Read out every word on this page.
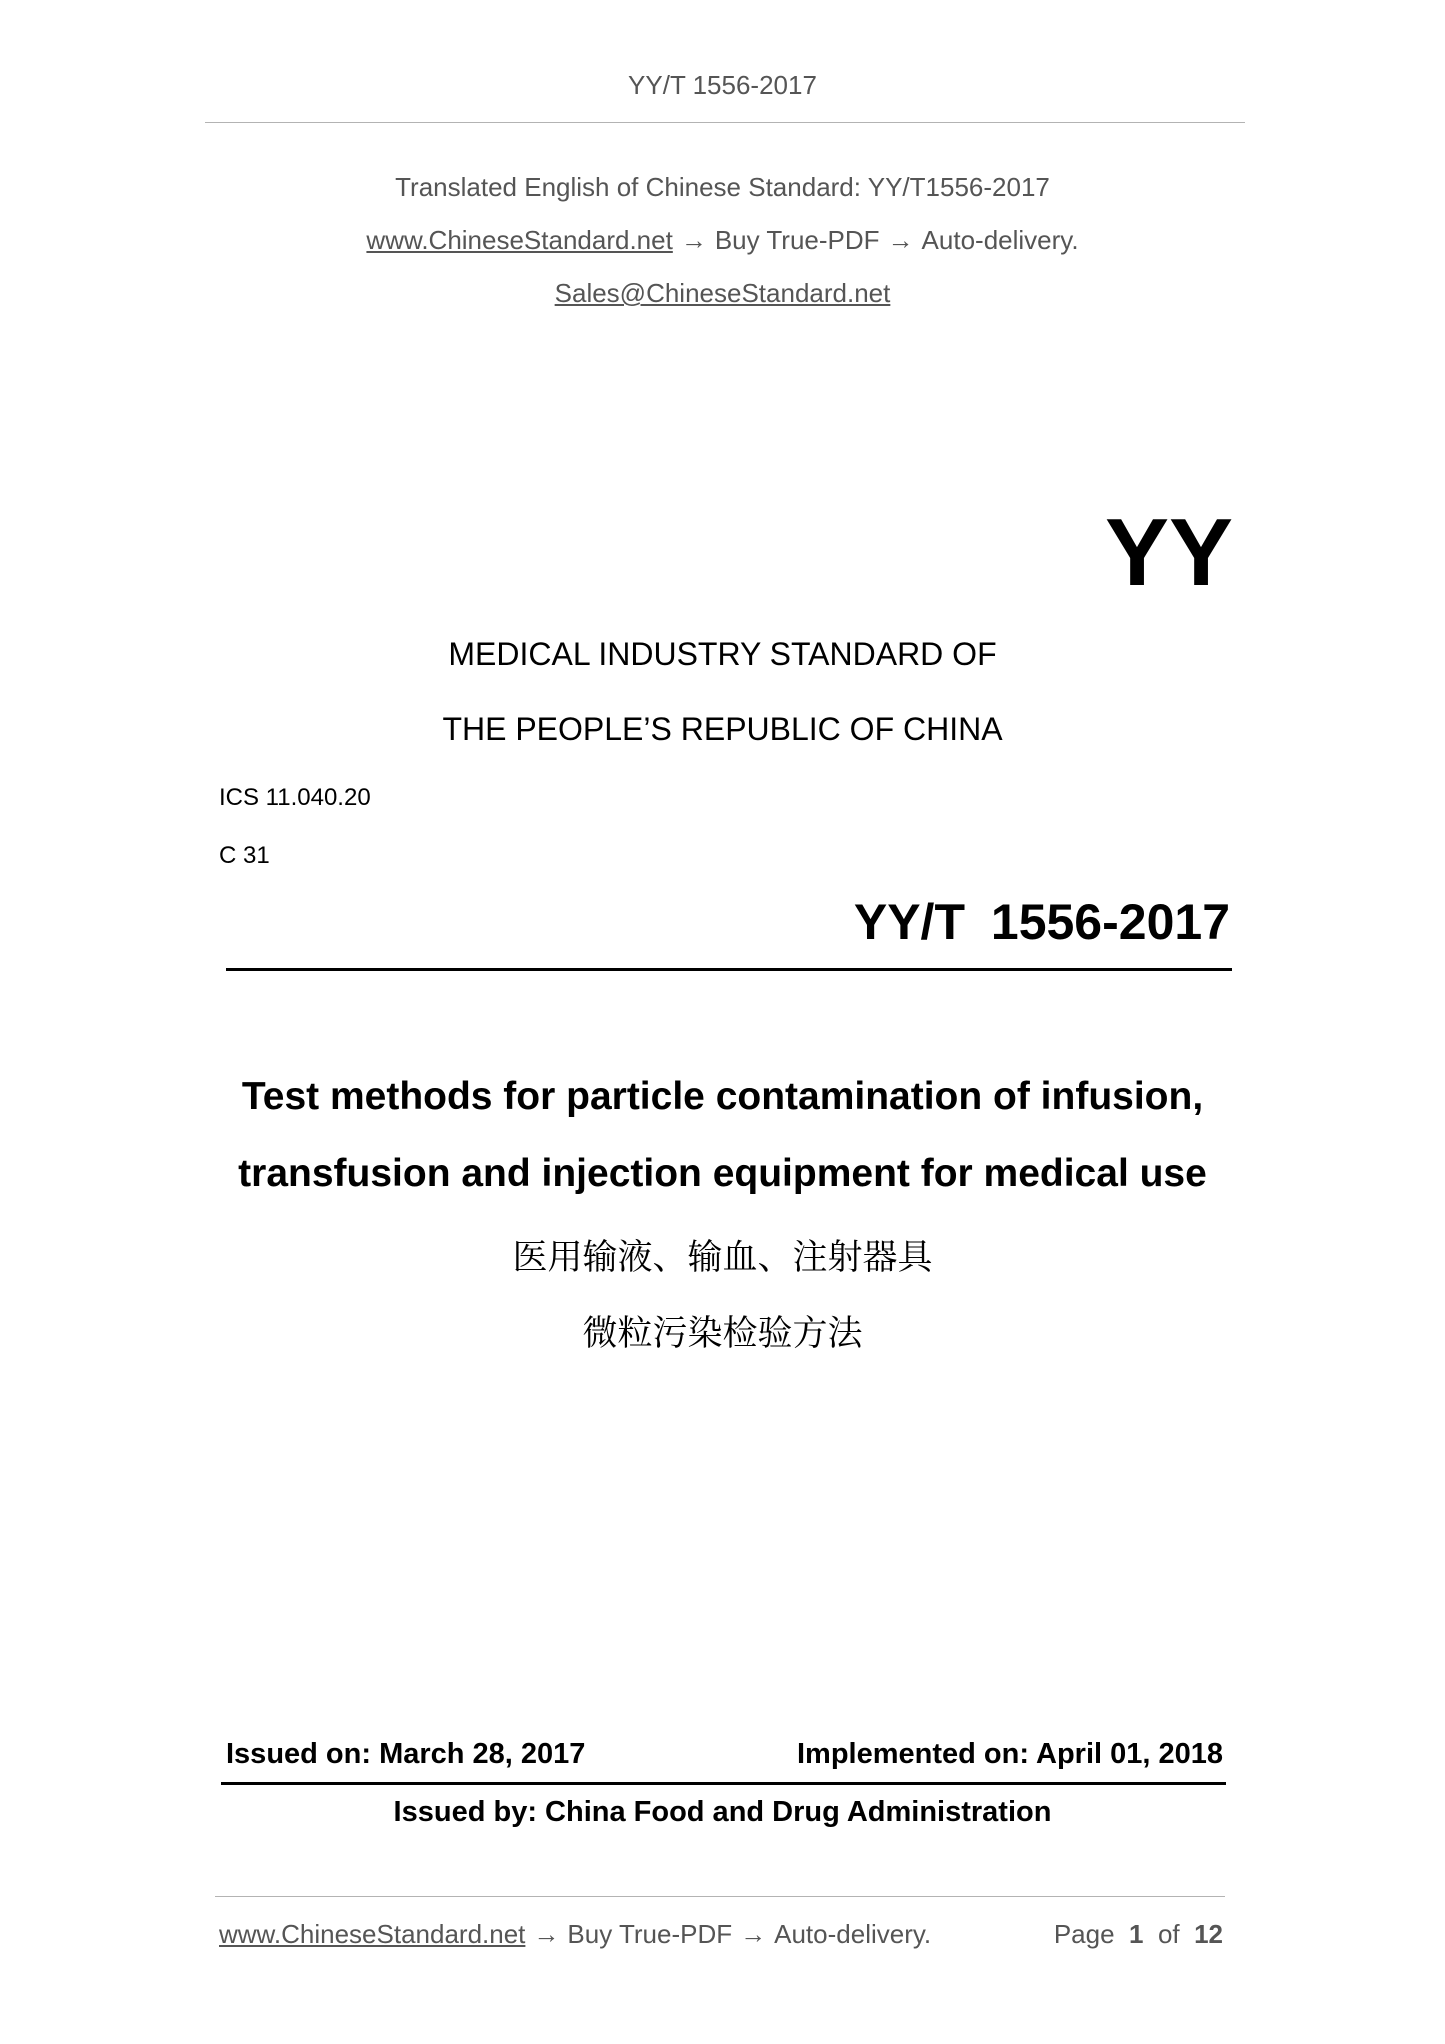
YY/T 1556-2017
Translated English of Chinese Standard: YY/T1556-2017
www.ChineseStandard.net → Buy True-PDF → Auto-delivery.
Sales@ChineseStandard.net
YY
MEDICAL INDUSTRY STANDARD OF
THE PEOPLE’S REPUBLIC OF CHINA
ICS 11.040.20
C 31
YY/T 1556-2017
Test methods for particle contamination of infusion,
transfusion and injection equipment for medical use
医用输液、输血、注射器具
微粒污染检验方法
Issued on: March 28, 2017	Implemented on: April 01, 2018
Issued by: China Food and Drug Administration
www.ChineseStandard.net → Buy True-PDF → Auto-delivery.	Page 1 of 12
